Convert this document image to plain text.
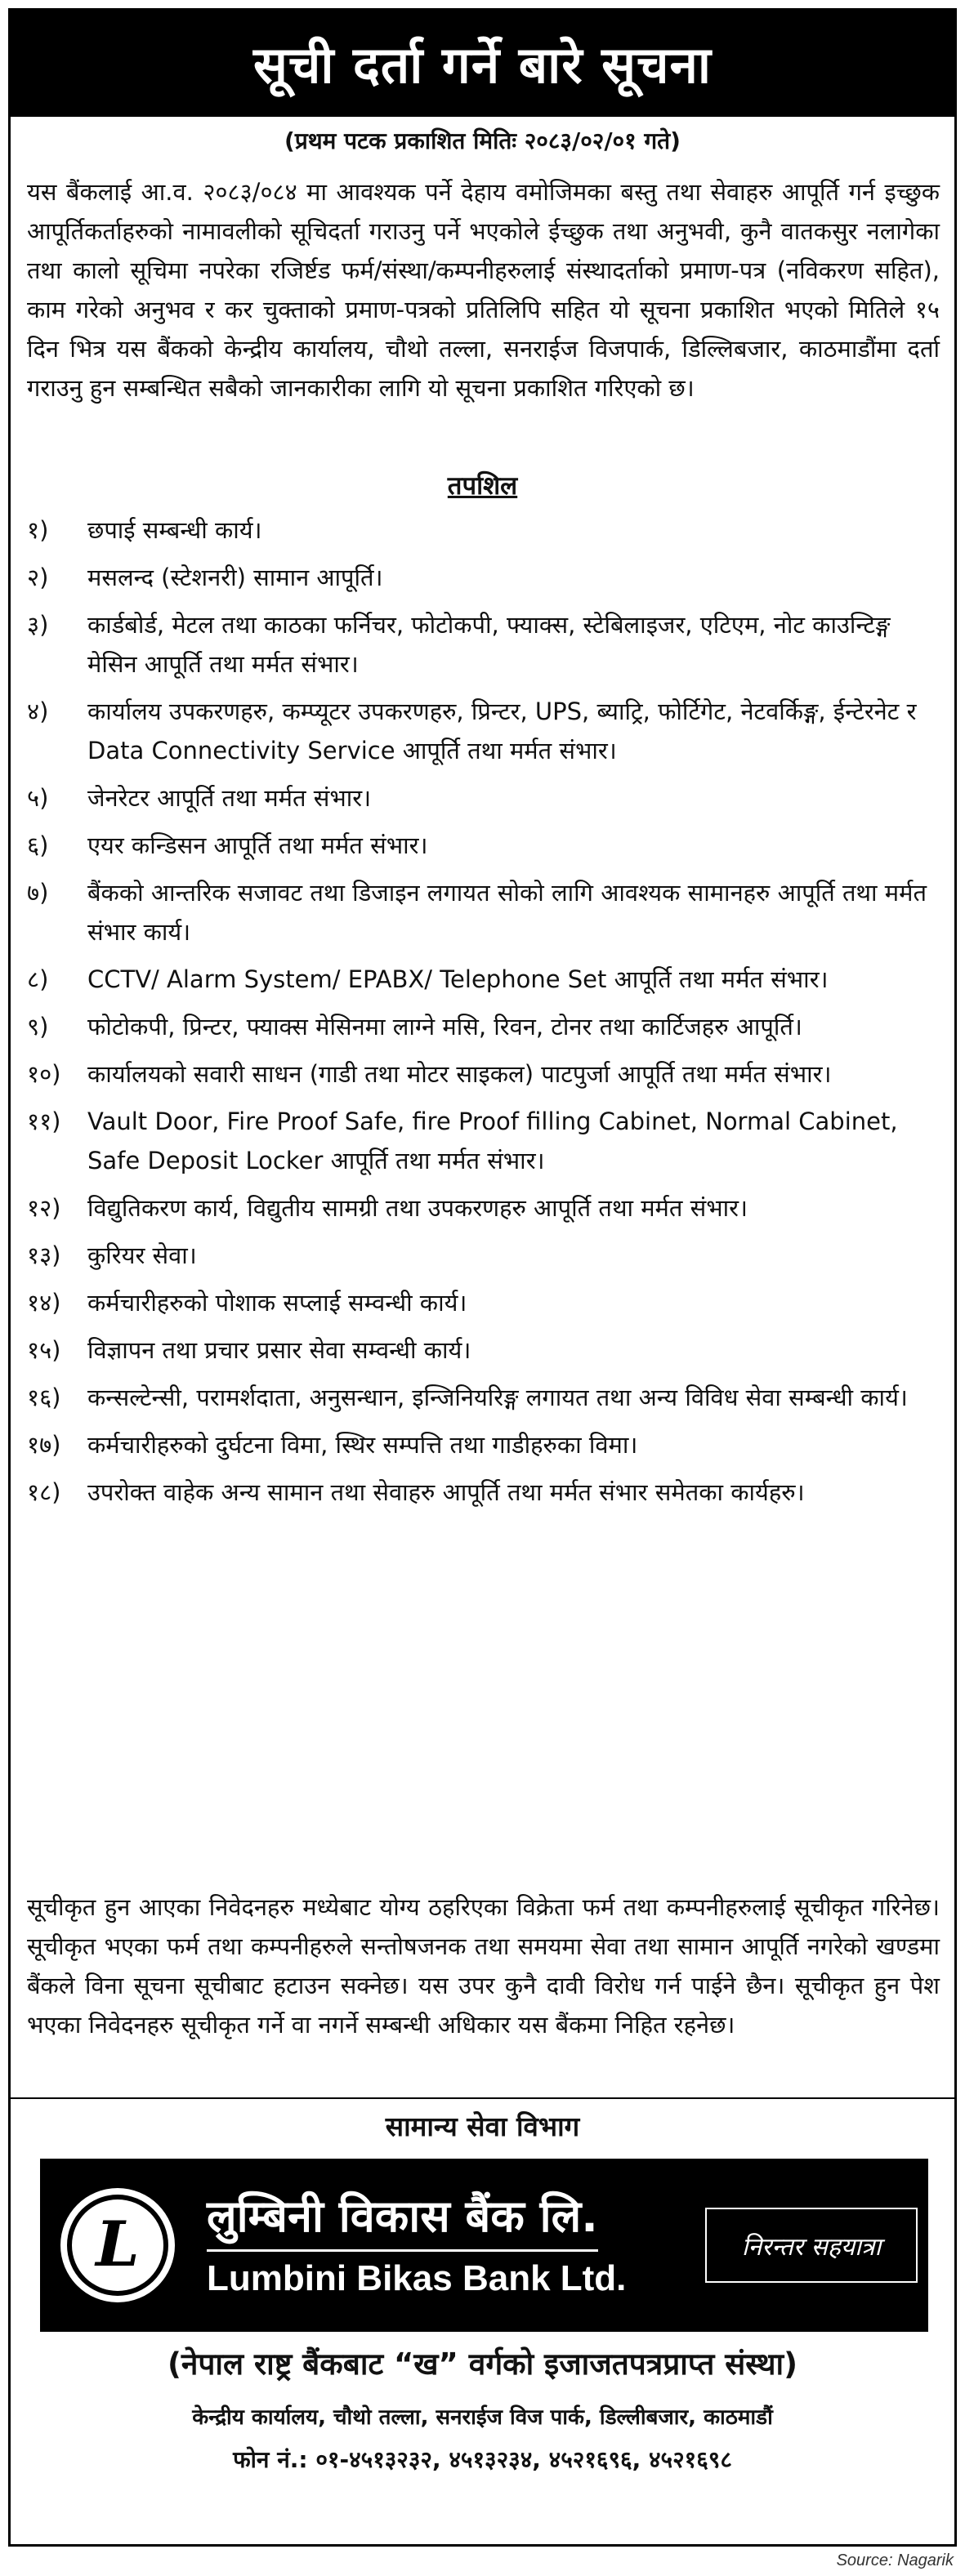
सूची दर्ता गर्ने बारे सूचना
(प्रथम पटक प्रकाशित मितिः २०८३/०२/०१ गते)
यस बैंकलाई आ.व. २०८३/०८४ मा आवश्यक पर्ने देहाय वमोजिमका बस्तु तथा सेवाहरु आपूर्ति गर्न इच्छुक आपूर्तिकर्ताहरुको नामावलीको सूचिदर्ता गराउनु पर्ने भएकोले ईच्छुक तथा अनुभवी, कुनै वातकसुर नलागेका तथा कालो सूचिमा नपरेका रजिर्ष्टड फर्म/संस्था/कम्पनीहरुलाई संस्थादर्ताको प्रमाण-पत्र (नविकरण सहित), काम गरेको अनुभव र कर चुक्ताको प्रमाण-पत्रको प्रतिलिपि सहित यो सूचना प्रकाशित भएको मितिले १५ दिन भित्र यस बैंकको केन्द्रीय कार्यालय, चौथो तल्ला, सनराईज विजपार्क, डिल्लिबजार, काठमाडौंमा दर्ता गराउनु हुन सम्बन्धित सबैको जानकारीका लागि यो सूचना प्रकाशित गरिएको छ।
तपशिल
१)	छपाई सम्बन्धी कार्य।
२)	मसलन्द (स्टेशनरी) सामान आपूर्ति।
३)	कार्डबोर्ड, मेटल तथा काठका फर्निचर, फोटोकपी, फ्याक्स, स्टेबिलाइजर, एटिएम, नोट काउन्टिङ्ग मेसिन आपूर्ति तथा मर्मत संभार।
४)	कार्यालय उपकरणहरु, कम्प्यूटर उपकरणहरु, प्रिन्टर, UPS, ब्याट्रि, फोर्टिगेट, नेटवर्किङ्ग, ईन्टेरनेट र Data Connectivity Service आपूर्ति तथा मर्मत संभार।
५)	जेनरेटर आपूर्ति तथा मर्मत संभार।
६)	एयर कन्डिसन आपूर्ति तथा मर्मत संभार।
७)	बैंकको आन्तरिक सजावट तथा डिजाइन लगायत सोको लागि आवश्यक सामानहरु आपूर्ति तथा मर्मत संभार कार्य।
८)	CCTV/ Alarm System/ EPABX/ Telephone Set आपूर्ति तथा मर्मत संभार।
९)	फोटोकपी, प्रिन्टर, फ्याक्स मेसिनमा लाग्ने मसि, रिवन, टोनर तथा कार्टिजहरु आपूर्ति।
१०)	कार्यालयको सवारी साधन (गाडी तथा मोटर साइकल) पाटपुर्जा आपूर्ति तथा मर्मत संभार।
११)	Vault Door, Fire Proof Safe, fire Proof filling Cabinet, Normal Cabinet, Safe Deposit Locker आपूर्ति तथा मर्मत संभार।
१२)	विद्युतिकरण कार्य, विद्युतीय सामग्री तथा उपकरणहरु आपूर्ति तथा मर्मत संभार।
१३)	कुरियर सेवा।
१४)	कर्मचारीहरुको पोशाक सप्लाई सम्वन्धी कार्य।
१५)	विज्ञापन तथा प्रचार प्रसार सेवा सम्वन्धी कार्य।
१६)	कन्सल्टेन्सी, परामर्शदाता, अनुसन्धान, इन्जिनियरिङ्ग लगायत तथा अन्य विविध सेवा सम्बन्धी कार्य।
१७)	कर्मचारीहरुको दुर्घटना विमा, स्थिर सम्पत्ति तथा गाडीहरुका विमा।
१८)	उपरोक्त वाहेक अन्य सामान तथा सेवाहरु आपूर्ति तथा मर्मत संभार समेतका कार्यहरु।
सूचीकृत हुन आएका निवेदनहरु मध्येबाट योग्य ठहरिएका विक्रेता फर्म तथा कम्पनीहरुलाई सूचीकृत गरिनेछ। सूचीकृत भएका फर्म तथा कम्पनीहरुले सन्तोषजनक तथा समयमा सेवा तथा सामान आपूर्ति नगरेको खण्डमा बैंकले विना सूचना सूचीबाट हटाउन सक्नेछ। यस उपर कुनै दावी विरोध गर्न पाईने छैन। सूचीकृत हुन पेश भएका निवेदनहरु सूचीकृत गर्ने वा नगर्ने सम्बन्धी अधिकार यस बैंकमा निहित रहनेछ।
सामान्य सेवा विभाग
L लुम्बिनी विकास बैंक लि.
Lumbini Bikas Bank Ltd.
निरन्तर सहयात्रा
(नेपाल राष्ट्र बैंकबाट “ख” वर्गको इजाजतपत्रप्राप्त संस्था)
केन्द्रीय कार्यालय, चौथो तल्ला, सनराईज विज पार्क, डिल्लीबजार, काठमाडौं
फोन नं.: ०१-४५१३२३२, ४५१३२३४, ४५२१६९६, ४५२१६९८
Source: Nagarik
